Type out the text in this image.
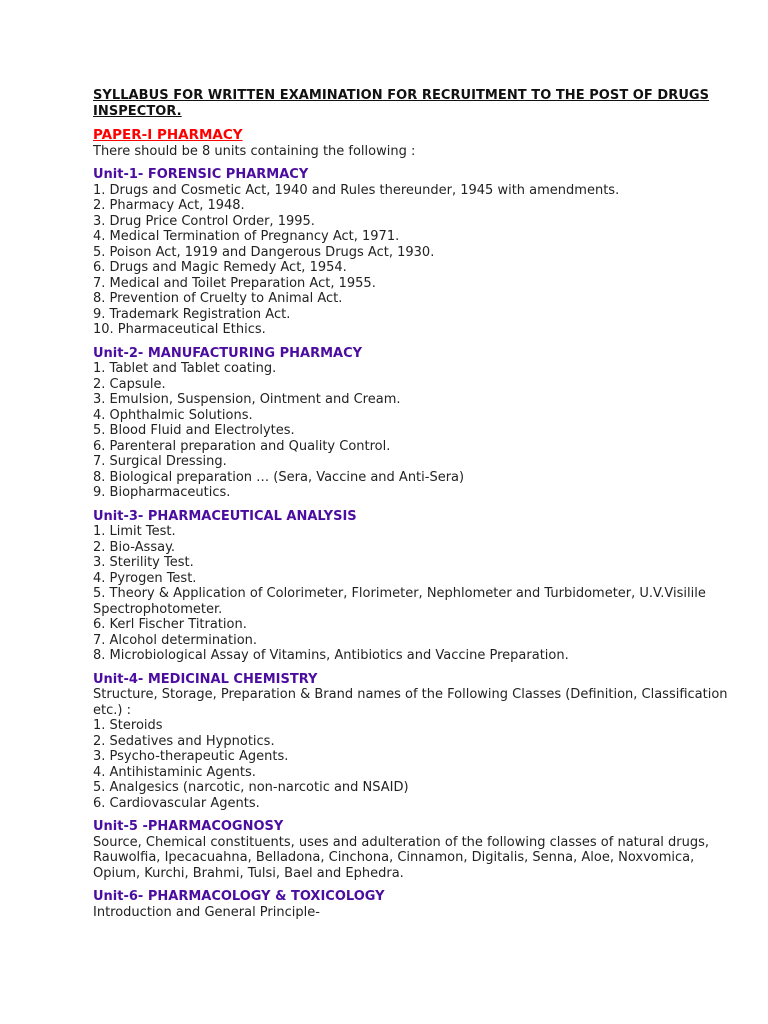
SYLLABUS FOR WRITTEN EXAMINATION FOR RECRUITMENT TO THE POST OF DRUGS INSPECTOR.

PAPER-I PHARMACY

There should be 8 units containing the following :

Unit-1- FORENSIC PHARMACY

1. Drugs and Cosmetic Act, 1940 and Rules thereunder, 1945 with amendments.
2. Pharmacy Act, 1948.
3. Drug Price Control Order, 1995.
4. Medical Termination of Pregnancy Act, 1971.
5. Poison Act, 1919 and Dangerous Drugs Act, 1930.
6. Drugs and Magic Remedy Act, 1954.
7. Medical and Toilet Preparation Act, 1955.
8. Prevention of Cruelty to Animal Act.
9. Trademark Registration Act.
10. Pharmaceutical Ethics.

Unit-2- MANUFACTURING PHARMACY

1. Tablet and Tablet coating.
2. Capsule.
3. Emulsion, Suspension, Ointment and Cream.
4. Ophthalmic Solutions.
5. Blood Fluid and Electrolytes.
6. Parenteral preparation and Quality Control.
7. Surgical Dressing.
8. Biological preparation … (Sera, Vaccine and Anti-Sera)
9. Biopharmaceutics.

Unit-3- PHARMACEUTICAL ANALYSIS

1. Limit Test.
2. Bio-Assay.
3. Sterility Test.
4. Pyrogen Test.
5. Theory & Application of Colorimeter, Florimeter, Nephlometer and Turbidometer, U.V.Visilile Spectrophotometer.
6. Kerl Fischer Titration.
7. Alcohol determination.
8. Microbiological Assay of Vitamins, Antibiotics and Vaccine Preparation.

Unit-4- MEDICINAL CHEMISTRY

Structure, Storage, Preparation & Brand names of the Following Classes (Definition, Classification etc.) :

1. Steroids
2. Sedatives and Hypnotics.
3. Psycho-therapeutic Agents.
4. Antihistaminic Agents.
5. Analgesics (narcotic, non-narcotic and NSAID)
6. Cardiovascular Agents.

Unit-5 -PHARMACOGNOSY

Source, Chemical constituents, uses and adulteration of the following classes of natural drugs, Rauwolfia, Ipecacuahna, Belladona, Cinchona, Cinnamon, Digitalis, Senna, Aloe, Noxvomica, Opium, Kurchi, Brahmi, Tulsi, Bael and Ephedra.

Unit-6- PHARMACOLOGY & TOXICOLOGY

Introduction and General Principle-
